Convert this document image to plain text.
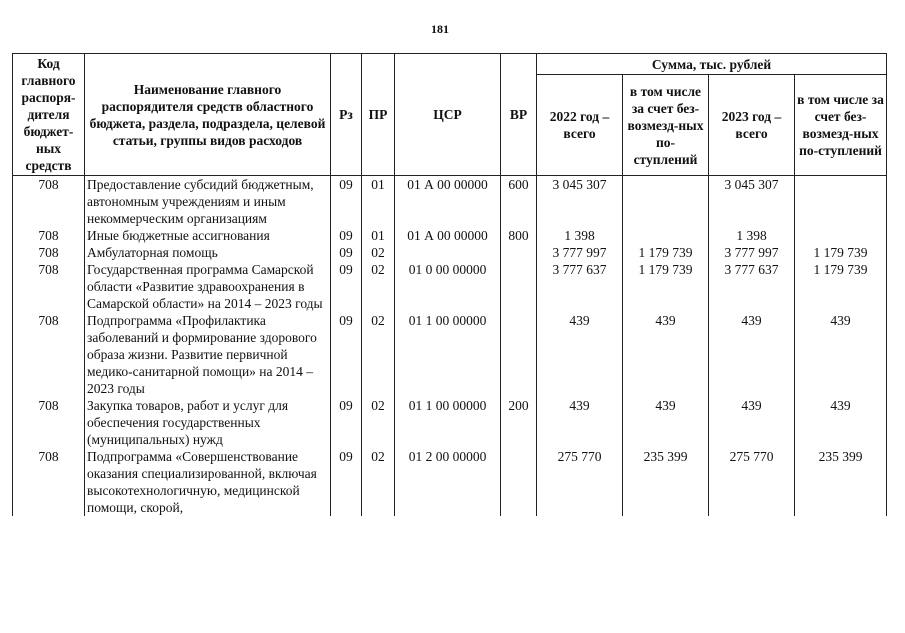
181
Код главного распоря-дителя бюджет-ных средств	Наименование главного распорядителя средств областного бюджета, раздела, подраздела, целевой статьи, группы видов расходов	Рз	ПР	ЦСР	ВР	Сумма, тыс. рублей			
						2022 год – всего	в том числе за счет без-возмезд-ных по-ступлений	2023 год – всего	в том числе за счет без-возмезд-ных по-ступлений
708	Предоставление субсидий бюджетным, автономным учреждениям и иным некоммерческим организациям	09	01	01 А 00 00000	600	3 045 307		3 045 307	
708	Иные бюджетные ассигнования	09	01	01 А 00 00000	800	1 398		1 398	
708	Амбулаторная помощь	09	02			3 777 997	1 179 739	3 777 997	1 179 739
708	Государственная программа Самарской области «Развитие здравоохранения в Самарской области» на 2014 – 2023 годы	09	02	01 0 00 00000		3 777 637	1 179 739	3 777 637	1 179 739
708	Подпрограмма «Профилактика заболеваний и формирование здорового образа жизни. Развитие первичной медико-санитарной помощи» на 2014 – 2023 годы	09	02	01 1 00 00000		439	439	439	439
708	Закупка товаров, работ и услуг для обеспечения государственных (муниципальных) нужд	09	02	01 1 00 00000	200	439	439	439	439
708	Подпрограмма «Совершенствование оказания специализированной, включая высокотехнологичную, медицинской помощи, скорой,	09	02	01 2 00 00000		275 770	235 399	275 770	235 399
